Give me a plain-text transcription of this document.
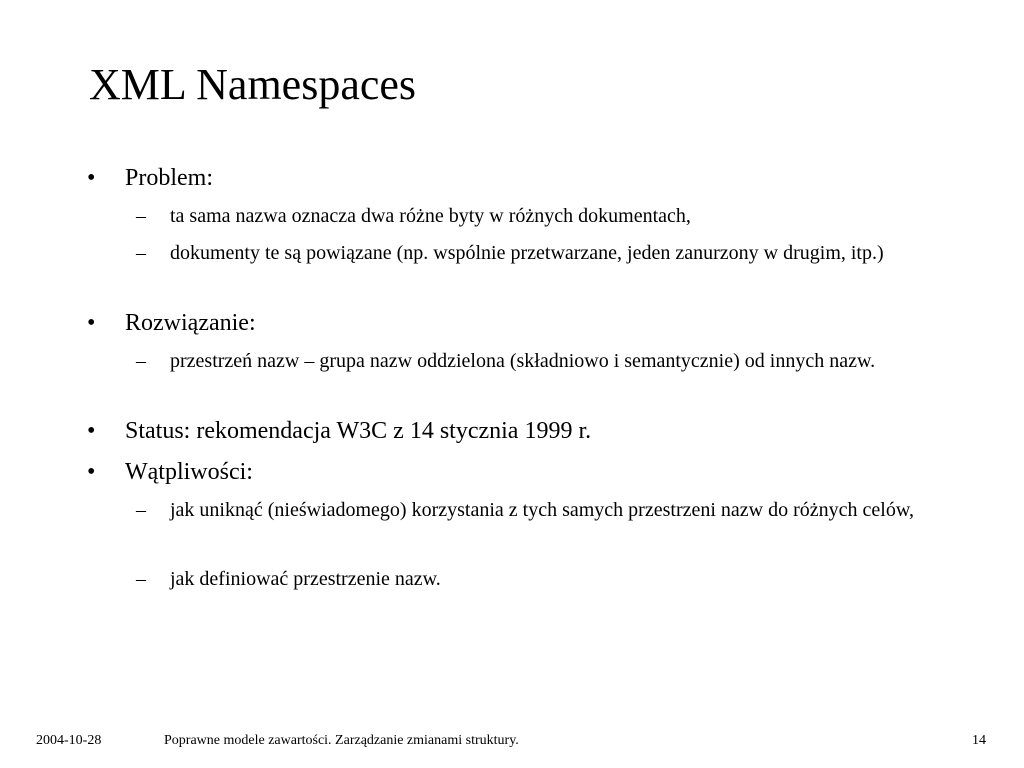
XML Namespaces
• Problem:
– ta sama nazwa oznacza dwa różne byty w różnych dokumentach,
– dokumenty te są powiązane (np. wspólnie przetwarzane, jeden zanurzony w drugim, itp.)
• Rozwiązanie:
– przestrzeń nazw – grupa nazw oddzielona (składniowo i semantycznie) od innych nazw.
• Status: rekomendacja W3C z 14 stycznia 1999 r.
• Wątpliwości:
– jak uniknąć (nieświadomego) korzystania z tych samych przestrzeni nazw do różnych celów,
– jak definiować przestrzenie nazw.
2004-10-28	Poprawne modele zawartości. Zarządzanie zmianami struktury.	14
